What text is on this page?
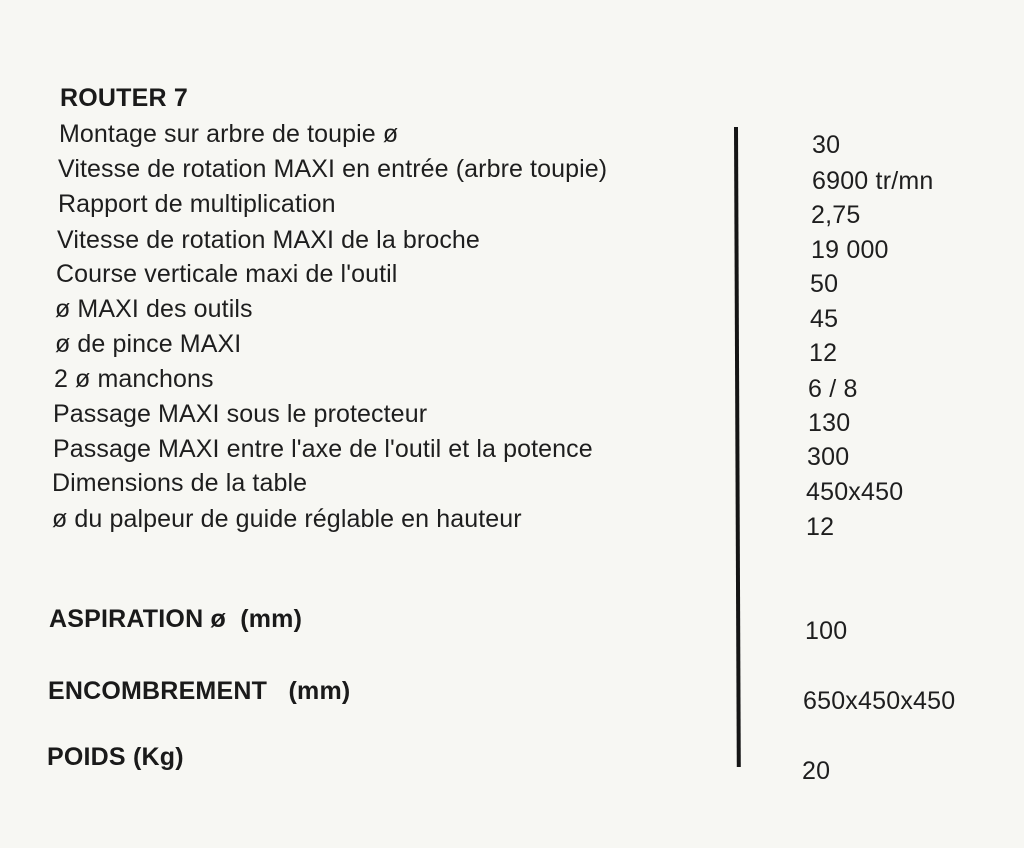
ROUTER 7
Montage sur arbre de toupie ø	30
Vitesse de rotation MAXI en entrée (arbre toupie)	6900 tr/mn
Rapport de multiplication	2,75
Vitesse de rotation MAXI de la broche	19 000
Course verticale maxi de l'outil	50
ø MAXI des outils	45
ø de pince MAXI	12
2 ø manchons	6 / 8
Passage MAXI sous le protecteur	130
Passage MAXI entre l'axe de l'outil et la potence	300
Dimensions de la table	450x450
ø du palpeur de guide réglable en hauteur	12
ASPIRATION ø  (mm)	100
ENCOMBREMENT   (mm)	650x450x450
POIDS (Kg)	20
